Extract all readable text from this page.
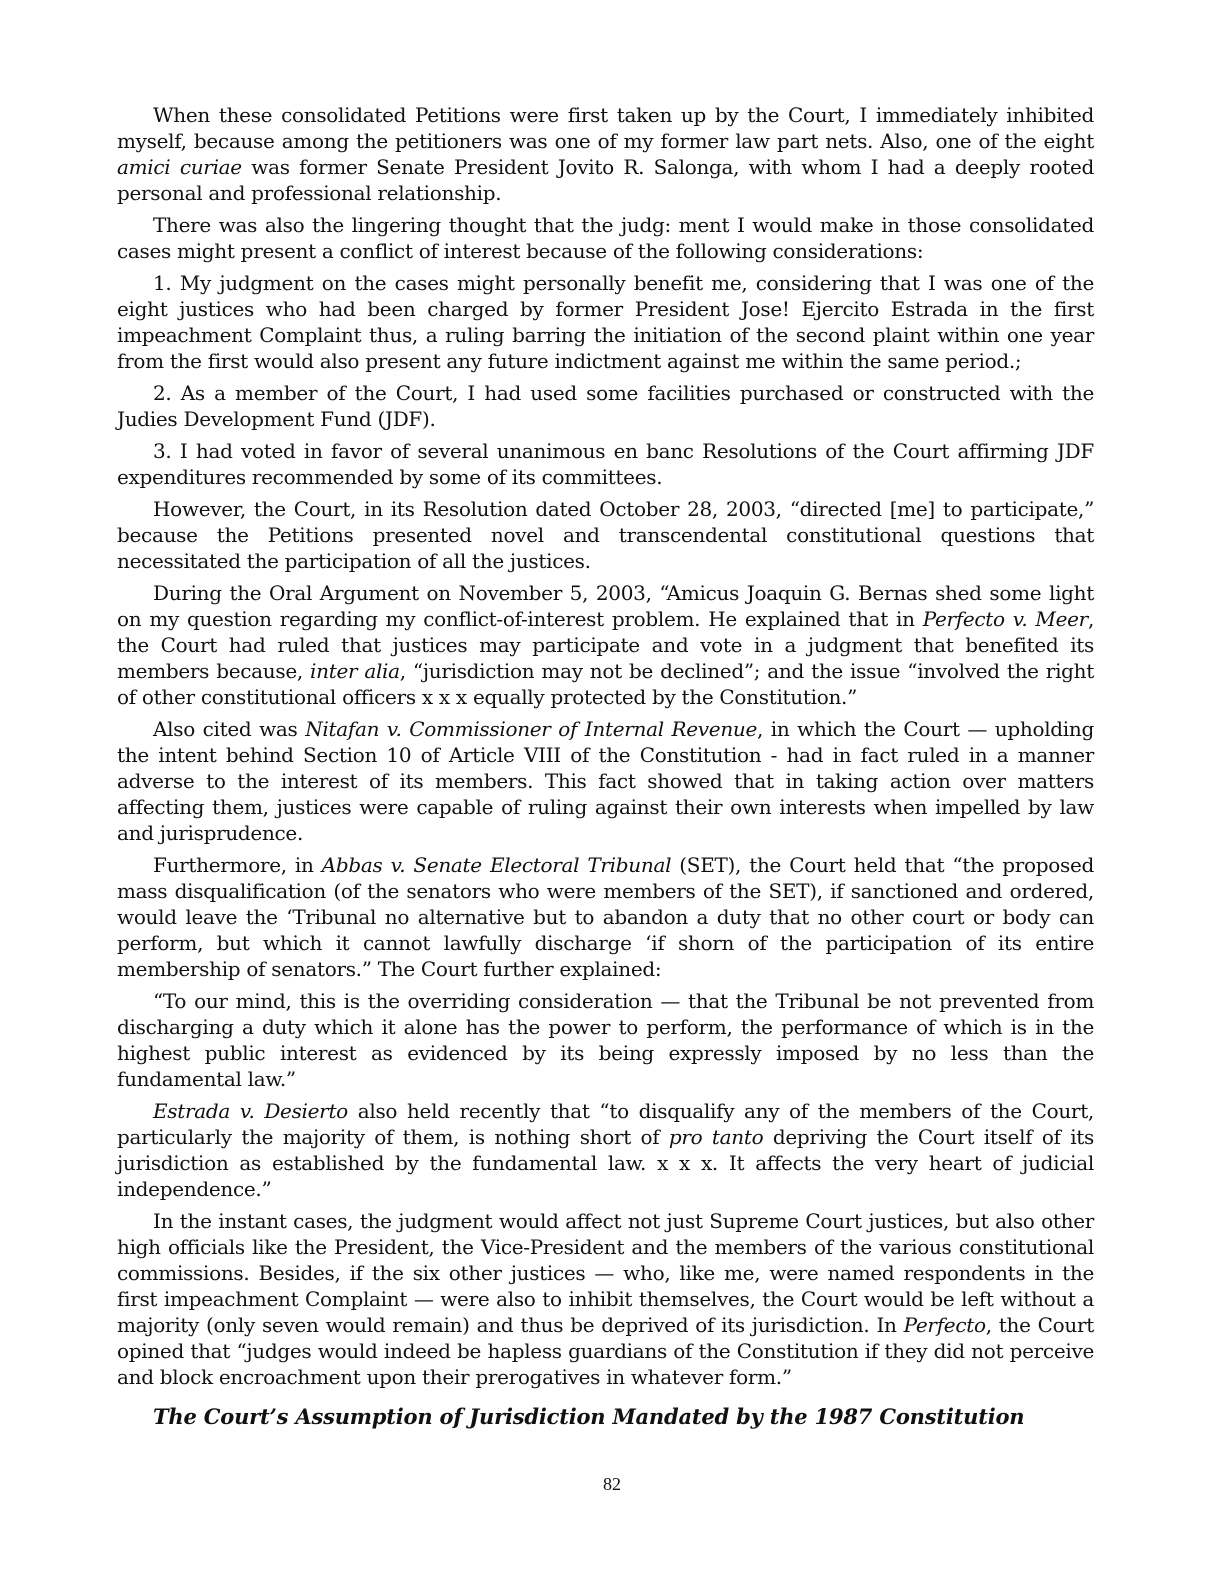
When these consolidated Petitions were first taken up by the Court, I immediately inhibited myself, because among the petitioners was one of my former law part nets. Also, one of the eight amici curiae was former Senate President Jovito R. Salonga, with whom I had a deeply rooted personal and professional relationship.

There was also the lingering thought that the judg: ment I would make in those consolidated cases might present a conflict of interest because of the following considerations:

1. My judgment on the cases might personally benefit me, considering that I was one of the eight justices who had been charged by former President Jose! Ejercito Estrada in the first impeachment Complaint thus, a ruling barring the initiation of the second plaint within one year from the first would also present any future indictment against me within the same period.;

2. As a member of the Court, I had used some facilities purchased or constructed with the Judies Development Fund (JDF).

3. I had voted in favor of several unanimous en banc Resolutions of the Court affirming JDF expenditures recommended by some of its committees.

However, the Court, in its Resolution dated October 28, 2003, “directed [me] to participate,” because the Petitions presented novel and transcendental constitutional questions that necessitated the participation of all the justices.

During the Oral Argument on November 5, 2003, “Amicus Joaquin G. Bernas shed some light on my question regarding my conflict-of-interest problem. He explained that in Perfecto v. Meer, the Court had ruled that justices may participate and vote in a judgment that benefited its members because, inter alia, “jurisdiction may not be declined”; and the issue “involved the right of other constitutional officers x x x equally protected by the Constitution.”

Also cited was Nitafan v. Commissioner of Internal Revenue, in which the Court — upholding the intent behind Section 10 of Article VIII of the Constitution - had in fact ruled in a manner adverse to the interest of its members. This fact showed that in taking action over matters affecting them, justices were capable of ruling against their own interests when impelled by law and jurisprudence.

Furthermore, in Abbas v. Senate Electoral Tribunal (SET), the Court held that “the proposed mass disqualification (of the senators who were members of the SET), if sanctioned and ordered, would leave the ‘Tribunal no alternative but to abandon a duty that no other court or body can perform, but which it cannot lawfully discharge ‘if shorn of the participation of its entire membership of senators.” The Court further explained:

“To our mind, this is the overriding consideration — that the Tribunal be not prevented from discharging a duty which it alone has the power to perform, the performance of which is in the highest public interest as evidenced by its being expressly imposed by no less than the fundamental law.”

Estrada v. Desierto also held recently that “to disqualify any of the members of the Court, particularly the majority of them, is nothing short of pro tanto depriving the Court itself of its jurisdiction as established by the fundamental law. x x x. It affects the very heart of judicial independence.”

In the instant cases, the judgment would affect not just Supreme Court justices, but also other high officials like the President, the Vice-President and the members of the various constitutional commissions. Besides, if the six other justices — who, like me, were named respondents in the first impeachment Complaint — were also to inhibit themselves, the Court would be left without a majority (only seven would remain) and thus be deprived of its jurisdiction. In Perfecto, the Court opined that “judges would indeed be hapless guardians of the Constitution if they did not perceive and block encroachment upon their prerogatives in whatever form.”

The Court’s Assumption of Jurisdiction Mandated by the 1987 Constitution
82
